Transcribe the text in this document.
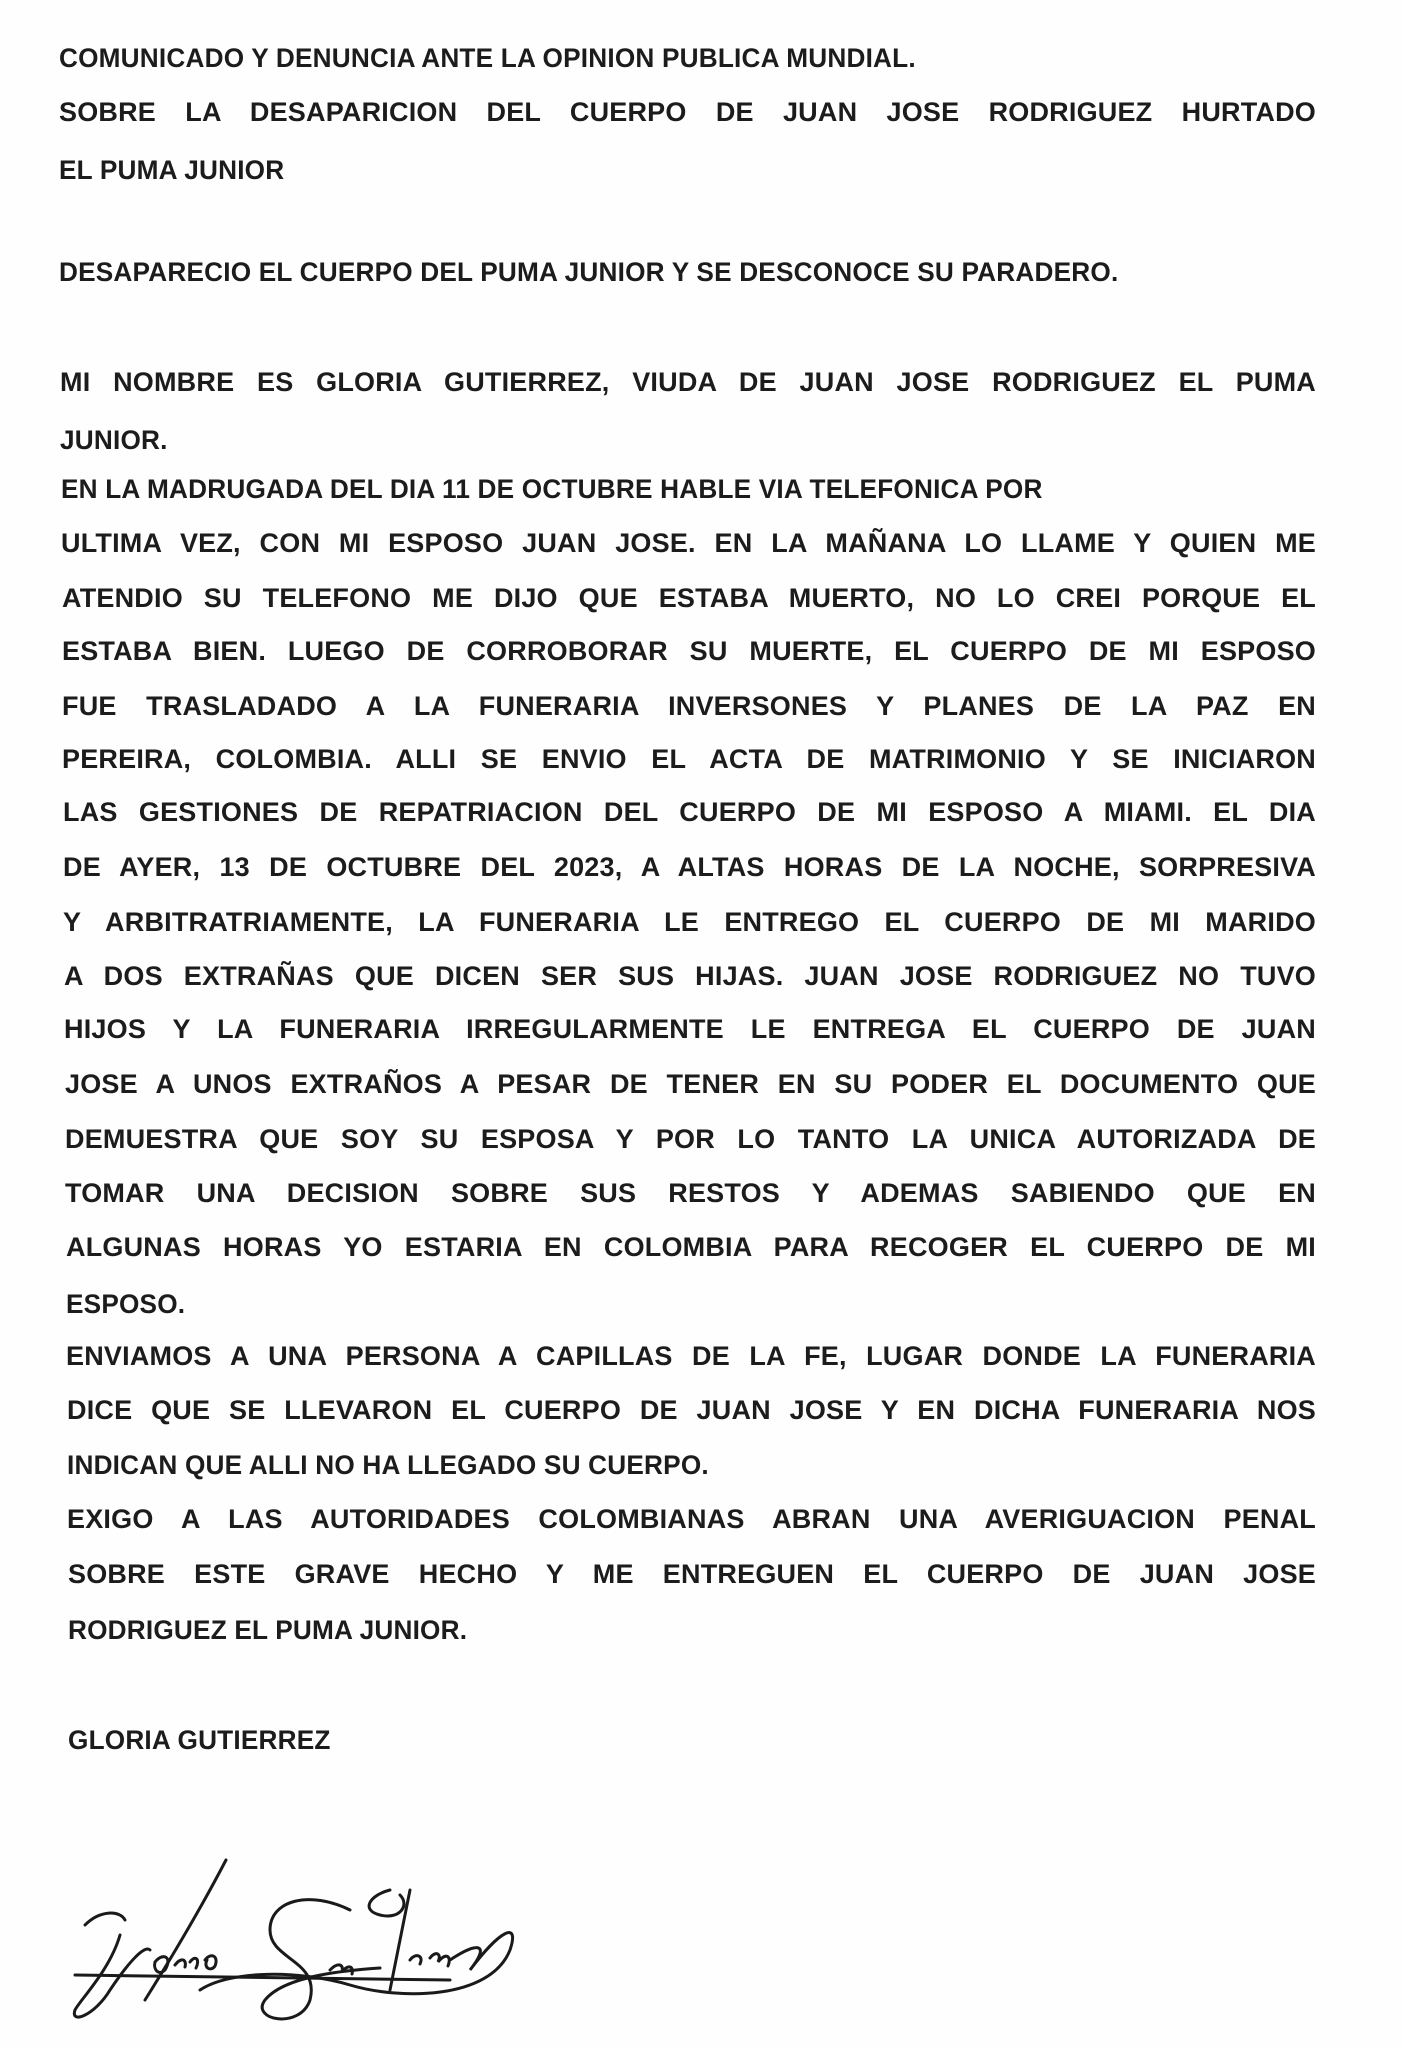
COMUNICADO Y DENUNCIA ANTE LA OPINION PUBLICA MUNDIAL.
SOBRE LA DESAPARICION DEL CUERPO DE JUAN JOSE RODRIGUEZ HURTADO
EL PUMA JUNIOR
DESAPARECIO EL CUERPO DEL PUMA JUNIOR Y SE DESCONOCE SU PARADERO.
MI NOMBRE ES GLORIA GUTIERREZ, VIUDA DE JUAN JOSE RODRIGUEZ EL PUMA
JUNIOR.
EN LA MADRUGADA DEL DIA 11 DE OCTUBRE HABLE VIA TELEFONICA POR
ULTIMA VEZ, CON MI ESPOSO JUAN JOSE. EN LA MAÑANA LO LLAME Y QUIEN ME
ATENDIO SU TELEFONO ME DIJO QUE ESTABA MUERTO, NO LO CREI PORQUE EL
ESTABA BIEN. LUEGO DE CORROBORAR SU MUERTE, EL CUERPO DE MI ESPOSO
FUE TRASLADADO A LA FUNERARIA INVERSONES Y PLANES DE LA PAZ EN
PEREIRA, COLOMBIA. ALLI SE ENVIO EL ACTA DE MATRIMONIO Y SE INICIARON
LAS GESTIONES DE REPATRIACION DEL CUERPO DE MI ESPOSO A MIAMI. EL DIA
DE AYER, 13 DE OCTUBRE DEL 2023, A ALTAS HORAS DE LA NOCHE, SORPRESIVA
Y ARBITRATRIAMENTE, LA FUNERARIA LE ENTREGO EL CUERPO DE MI MARIDO
A DOS EXTRAÑAS QUE DICEN SER SUS HIJAS. JUAN JOSE RODRIGUEZ NO TUVO
HIJOS Y LA FUNERARIA IRREGULARMENTE LE ENTREGA EL CUERPO DE JUAN
JOSE A UNOS EXTRAÑOS A PESAR DE TENER EN SU PODER EL DOCUMENTO QUE
DEMUESTRA QUE SOY SU ESPOSA Y POR LO TANTO LA UNICA AUTORIZADA DE
TOMAR UNA DECISION SOBRE SUS RESTOS Y ADEMAS SABIENDO QUE EN
ALGUNAS HORAS YO ESTARIA EN COLOMBIA PARA RECOGER EL CUERPO DE MI
ESPOSO.
ENVIAMOS A UNA PERSONA A CAPILLAS DE LA FE, LUGAR DONDE LA FUNERARIA
DICE QUE SE LLEVARON EL CUERPO DE JUAN JOSE Y EN DICHA FUNERARIA NOS
INDICAN QUE ALLI NO HA LLEGADO SU CUERPO.
EXIGO A LAS AUTORIDADES COLOMBIANAS ABRAN UNA AVERIGUACION PENAL
SOBRE ESTE GRAVE HECHO Y ME ENTREGUEN EL CUERPO DE JUAN JOSE
RODRIGUEZ EL PUMA JUNIOR.
GLORIA GUTIERREZ
